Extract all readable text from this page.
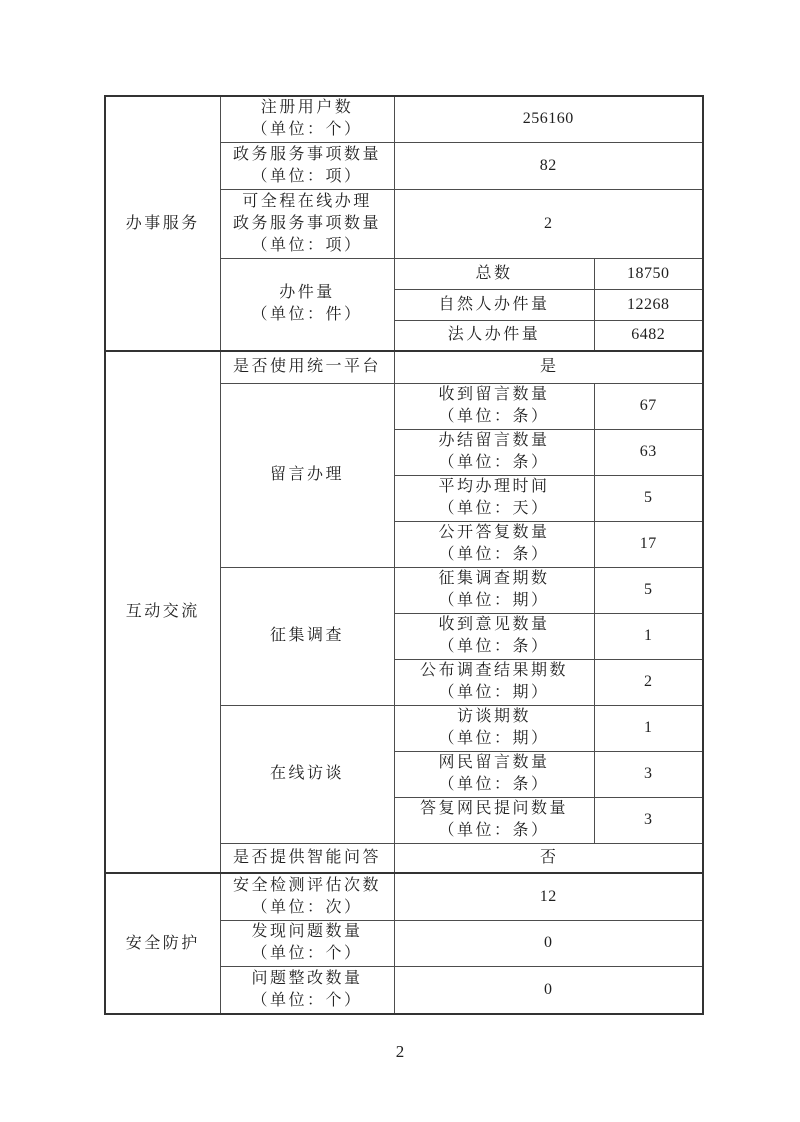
办事服务	注册用户数
（单位：个）	256160	

	政务服务事项数量
（单位：项）	82	

	可全程在线办理
政务服务事项数量
（单位：项）	2	

	办件量
（单位：件）	总数	18750

		自然人办件量	12268

		法人办件量	6482

互动交流	是否使用统一平台	是	

	留言办理	收到留言数量
（单位：条）	67

		办结留言数量
（单位：条）	63

		平均办理时间
（单位：天）	5

		公开答复数量
（单位：条）	17

	征集调查	征集调查期数
（单位：期）	5

		收到意见数量
（单位：条）	1

		公布调查结果期数
（单位：期）	2

	在线访谈	访谈期数
（单位：期）	1

		网民留言数量
（单位：条）	3

		答复网民提问数量
（单位：条）	3

	是否提供智能问答	否	

安全防护	安全检测评估次数
（单位：次）	12	

	发现问题数量
（单位：个）	0	

	问题整改数量
（单位：个）	0	
2
